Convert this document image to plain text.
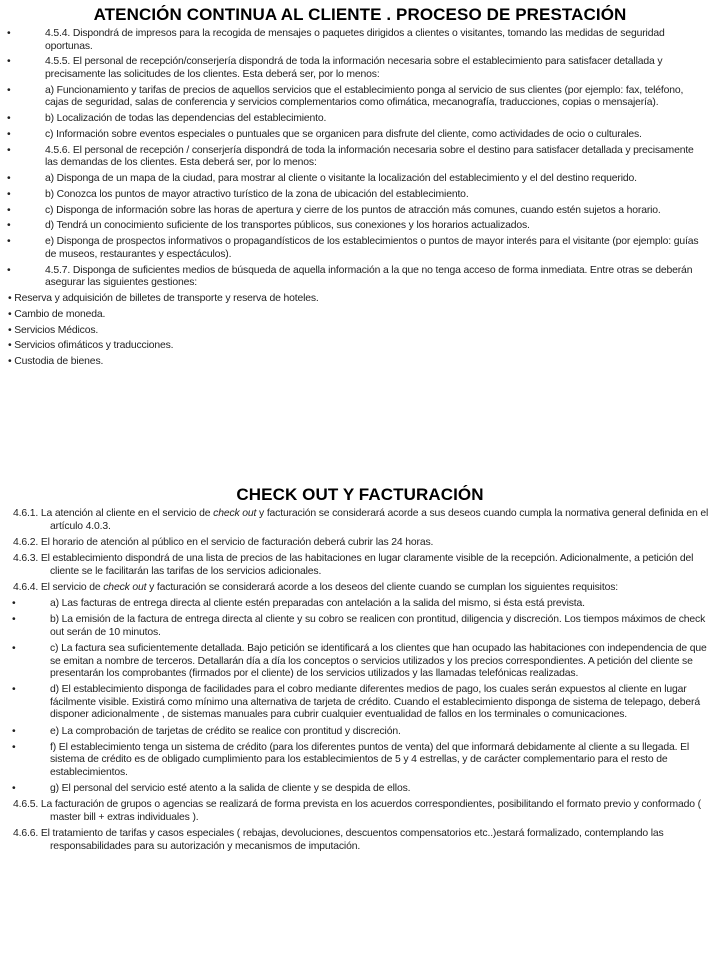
ATENCIÓN CONTINUA AL CLIENTE . PROCESO DE PRESTACIÓN
•	4.5.4. Dispondrá de impresos para la recogida de mensajes o paquetes dirigidos a clientes o visitantes, tomando las medidas de seguridad oportunas.
•	4.5.5. El personal de recepción/conserjería dispondrá de toda la información necesaria sobre el establecimiento para satisfacer detallada y precisamente las solicitudes de los clientes. Esta deberá ser, por lo menos:
•	a) Funcionamiento y tarifas de precios de aquellos servicios que el establecimiento ponga al servicio de sus clientes (por ejemplo: fax, teléfono, cajas de seguridad, salas de conferencia y servicios complementarios como ofimática, mecanografía, traducciones, copias o mensajería).
•	b) Localización de todas las dependencias del establecimiento.
•	c) Información sobre eventos especiales o puntuales que se organicen para disfrute del cliente, como actividades de ocio o culturales.
•	4.5.6. El personal de recepción / conserjería dispondrá de toda la información necesaria sobre el destino para satisfacer detallada y precisamente las demandas de los clientes. Esta deberá ser, por lo menos:
•	a) Disponga de un mapa de la ciudad, para mostrar al cliente o visitante la localización del establecimiento y el del destino requerido.
•	b) Conozca los puntos de mayor atractivo turístico de la zona de ubicación del establecimiento.
•	c) Disponga de información sobre las horas de apertura y cierre de los puntos de atracción más comunes, cuando estén sujetos a horario.
•	d) Tendrá un conocimiento suficiente de los transportes públicos, sus conexiones y los horarios actualizados.
•	e) Disponga de prospectos informativos o propagandísticos de los establecimientos o puntos de mayor interés para el visitante (por ejemplo: guías de museos, restaurantes y espectáculos).
•	4.5.7. Disponga de suficientes medios de búsqueda de aquella información a la que no tenga acceso de forma inmediata. Entre otras se deberán asegurar las siguientes gestiones:
• Reserva y adquisición de billetes de transporte y reserva de hoteles.
• Cambio de moneda.
• Servicios Médicos.
• Servicios ofimáticos y traducciones.
• Custodia de bienes.
CHECK OUT Y FACTURACIÓN
4.6.1. La atención al cliente en el servicio de check out y facturación se considerará acorde a sus deseos cuando cumpla la normativa general definida en el artículo 4.0.3.
4.6.2. El horario de atención al público en el servicio de facturación deberá cubrir las 24 horas.
4.6.3. El establecimiento dispondrá de una lista de precios de las habitaciones en lugar claramente visible de la recepción. Adicionalmente, a petición del cliente se le facilitarán las tarifas de los servicios adicionales.
4.6.4. El servicio de check out y facturación se considerará acorde a los deseos del cliente cuando se cumplan los siguientes requisitos:
•	a) Las facturas de entrega directa al cliente estén preparadas con antelación a la salida del mismo, si ésta está prevista.
•	b) La emisión de la factura de entrega directa al cliente y su cobro se realicen con prontitud, diligencia y discreción. Los tiempos máximos de check out serán de 10 minutos.
•	c) La factura sea suficientemente detallada. Bajo petición se identificará a los clientes que han ocupado las habitaciones con independencia de que se emitan a nombre de terceros. Detallarán día a día los conceptos o servicios utilizados y los precios correspondientes. A petición del cliente se presentarán los comprobantes (firmados por el cliente) de los servicios utilizados y las llamadas telefónicas realizadas.
•	d) El establecimiento disponga de facilidades para el cobro mediante diferentes medios de pago, los cuales serán expuestos al cliente en lugar fácilmente visible. Existirá como mínimo una alternativa de tarjeta de crédito. Cuando el establecimiento disponga de sistema de telepago, deberá disponer adicionalmente , de sistemas manuales para cubrir cualquier eventualidad de fallos en los terminales o comunicaciones.
•	e) La comprobación de tarjetas de crédito se realice con prontitud y discreción.
•	f) El establecimiento tenga un sistema de crédito (para los diferentes puntos de venta) del que informará debidamente al cliente a su llegada. El sistema de crédito es de obligado cumplimiento para los establecimientos de 5 y 4 estrellas, y de carácter complementario para el resto de establecimientos.
•	g) El personal del servicio esté atento a la salida de cliente y se despida de ellos.
4.6.5. La facturación de grupos o agencias se realizará de forma prevista en los acuerdos correspondientes, posibilitando el formato previo y conformado ( master bill + extras individuales ).
4.6.6. El tratamiento de tarifas y casos especiales ( rebajas, devoluciones, descuentos compensatorios etc..)estará formalizado, contemplando las responsabilidades para su autorización y mecanismos de imputación.
